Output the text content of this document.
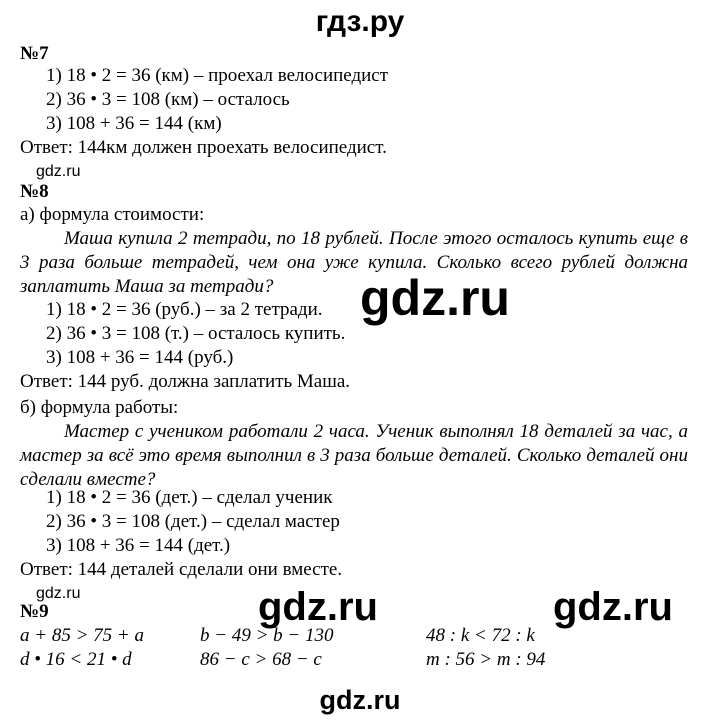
гдз.ру
№7
1) 18 • 2 = 36 (км) – проехал велосипедист
2) 36 • 3 = 108 (км) – осталось
3) 108 + 36 = 144 (км)
Ответ: 144км должен проехать велосипедист.
gdz.ru
№8
а) формула стоимости:
Маша купила 2 тетради, по 18 рублей. После этого осталось купить еще в 3 раза больше тетрадей, чем она уже купила. Сколько всего рублей должна заплатить Маша за тетради?
1) 18 • 2 = 36 (руб.) – за 2 тетради.
2) 36 • 3 = 108 (т.) – осталось купить.
3) 108 + 36 = 144 (руб.)
Ответ: 144 руб. должна заплатить Маша.
gdz.ru
б) формула работы:
Мастер с учеником работали 2 часа. Ученик выполнял 18 деталей за час, а мастер за всё это время выполнил в 3 раза больше деталей. Сколько деталей они сделали вместе?
1) 18 • 2 = 36 (дет.) – сделал ученик
2) 36 • 3 = 108 (дет.) – сделал мастер
3) 108 + 36 = 144 (дет.)
Ответ: 144 деталей сделали они вместе.
gdz.ru
№9	gdz.ru	gdz.ru
a + 85 > 75 + a	b − 49 > b − 130	48 : k < 72 : k
d • 16 < 21 • d	86 − c > 68 − c	m : 56 > m : 94
gdz.ru
